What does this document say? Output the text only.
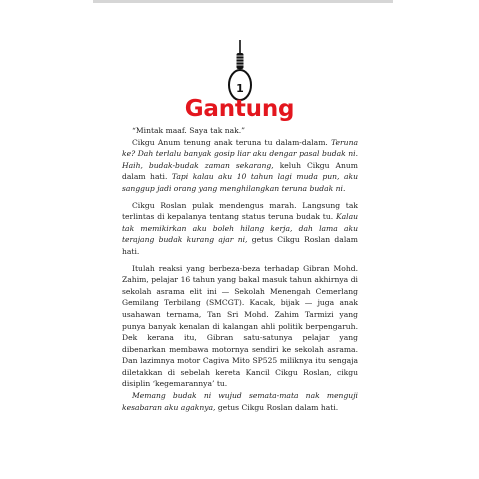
1
Gantung

“Mintak maaf. Saya tak nak.”

Cikgu Anum tenung anak teruna tu dalam-dalam. Teruna ke? Dah terlalu banyak gosip liar aku dengar pasal budak ni. Haih, budak-budak zaman sekarang, keluh Cikgu Anum dalam hati. Tapi kalau aku 10 tahun lagi muda pun, aku sanggup jadi orang yang menghilangkan teruna budak ni.

Cikgu Roslan pulak mendengus marah. Langsung tak terlintas di kepalanya tentang status teruna budak tu. Kalau tak memikirkan aku boleh hilang kerja, dah lama aku terajang budak kurang ajar ni, getus Cikgu Roslan dalam hati.

Itulah reaksi yang berbeza-beza terhadap Gibran Mohd. Zahim, pelajar 16 tahun yang bakal masuk tahun akhirnya di sekolah asrama elit ini — Sekolah Menengah Cemerlang Gemilang Terbilang (SMCGT). Kacak, bijak — juga anak usahawan ternama, Tan Sri Mohd. Zahim Tarmizi yang punya banyak kenalan di kalangan ahli politik berpengaruh. Dek kerana itu, Gibran satu-satunya pelajar yang dibenarkan membawa motornya sendiri ke sekolah asrama. Dan lazimnya motor Cagiva Mito SP525 miliknya itu sengaja diletakkan di sebelah kereta Kancil Cikgu Roslan, cikgu disiplin ‘kegemarannya’ tu.

Memang budak ni wujud semata-mata nak menguji kesabaran aku agaknya, getus Cikgu Roslan dalam hati.
